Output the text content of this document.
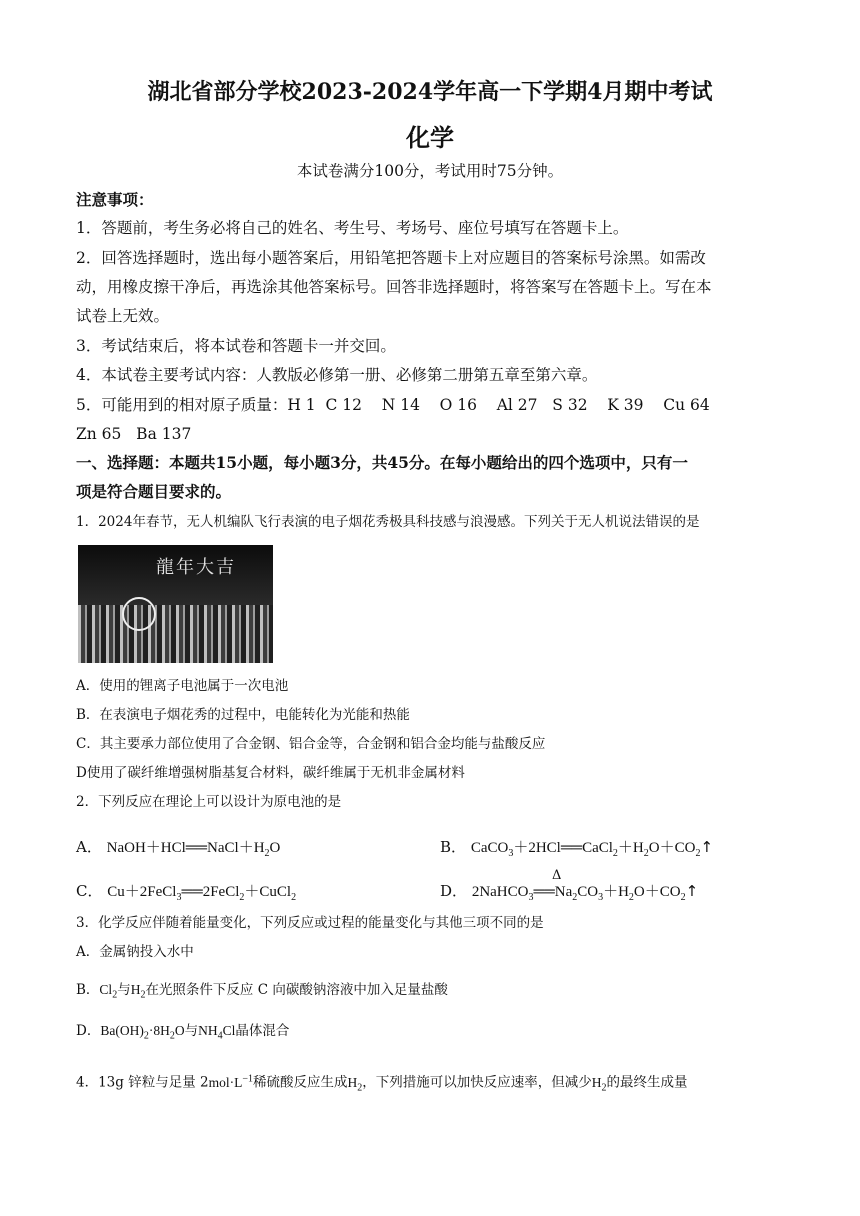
湖北省部分学校2023-2024学年高一下学期4月期中考试
化学
本试卷满分100分，考试用时75分钟。
注意事项：
1．答题前，考生务必将自己的姓名、考生号、考场号、座位号填写在答题卡上。
2．回答选择题时，选出每小题答案后，用铅笔把答题卡上对应题目的答案标号涂黑。如需改
动，用橡皮擦干净后，再选涂其他答案标号。回答非选择题时，将答案写在答题卡上。写在本
试卷上无效。
3．考试结束后，将本试卷和答题卡一并交回。
4．本试卷主要考试内容：人教版必修第一册、必修第二册第五章至第六章。
5．可能用到的相对原子质量：H 1  C 12    N 14    O 16    Al 27   S 32    K 39    Cu 64
Zn 65   Ba 137
一、选择题：本题共15小题，每小题3分，共45分。在每小题给出的四个选项中，只有一
项是符合题目要求的。
1．2024年春节，无人机编队飞行表演的电子烟花秀极具科技感与浪漫感。下列关于无人机说法错误的是
龍年大吉
A．使用的锂离子电池属于一次电池
B．在表演电子烟花秀的过程中，电能转化为光能和热能
C．其主要承力部位使用了合金钢、铝合金等，合金钢和铝合金均能与盐酸反应
D使用了碳纤维增强树脂基复合材料，碳纤维属于无机非金属材料
2．下列反应在理论上可以设计为原电池的是
A． $NaOH+HCl══NaCl+H_2O$	B． $CaCO_3+2HCl══CaCl_2+H_2O+CO_2↑$
C． Cu＋2FeCl$_3$══2FeCl$_2$＋CuCl$_2$
Δ
D． $2NaHCO_3══Na_2CO_3+H_2O+CO_2↑$
3．化学反应伴随着能量变化，下列反应或过程的能量变化与其他三项不同的是
A．金属钠投入水中
B．$Cl_2$与$H_2$在光照条件下反应 C 向碳酸钠溶液中加入足量盐酸
D．$Ba(OH)_2\cdot 8H_2O$与$NH_4Cl$晶体混合
4．13g 锌粒与足量 $2mol\cdot L^{-1}$稀硫酸反应生成$H_2$，下列措施可以加快反应速率，但减少$H_2$的最终生成量
